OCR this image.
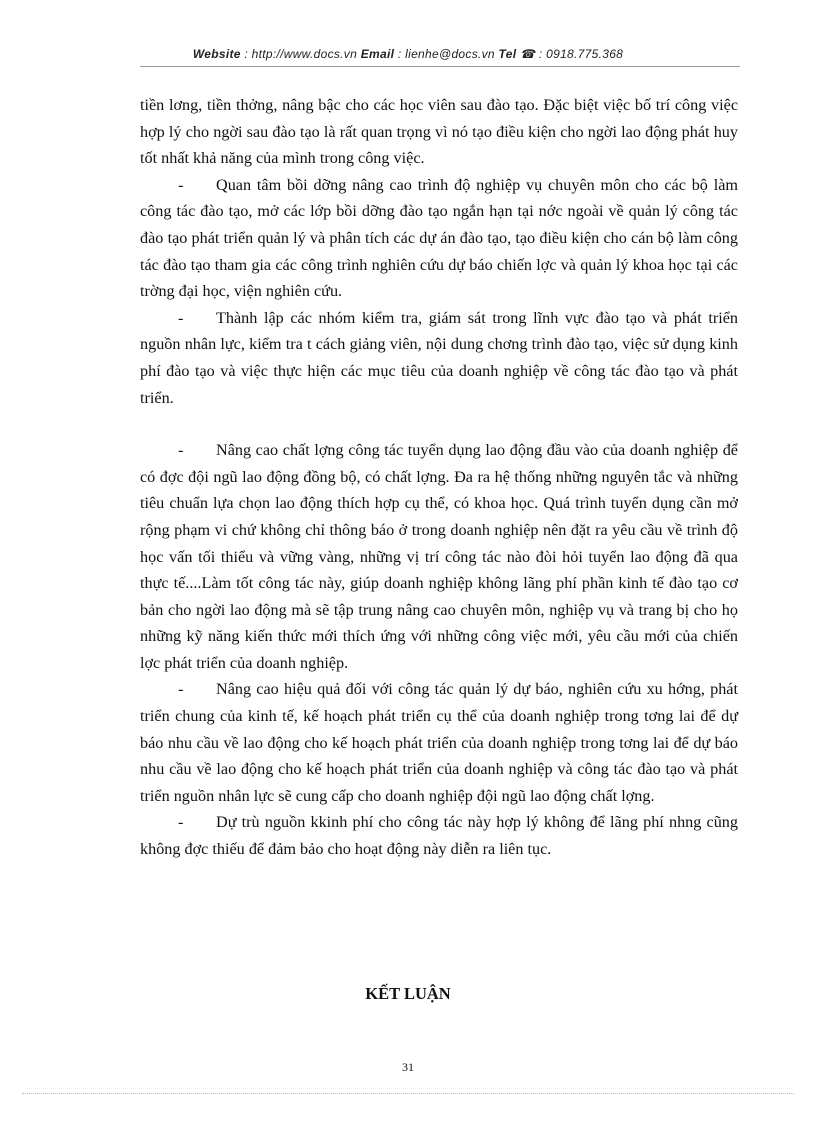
Website : http://www.docs.vn Email : lienhe@docs.vn Tel ☎ : 0918.775.368

tiền lơng, tiền thởng, nâng bậc cho các học viên sau đào tạo. Đặc biệt việc bố trí công việc hợp lý cho ngời sau đào tạo là rất quan trọng vì nó tạo điều kiện cho ngời lao động phát huy tốt nhất khả năng của mình trong công việc.

- Quan tâm bồi dỡng nâng cao trình độ nghiệp vụ chuyên môn cho các bộ làm công tác đào tạo, mở các lớp bồi dỡng đào tạo ngắn hạn tại nớc ngoài về quản lý công tác đào tạo phát triển quản lý và phân tích các dự án đào tạo, tạo điều kiện cho cán bộ làm công tác đào tạo tham gia các công trình nghiên cứu dự báo chiến lợc và quản lý khoa học tại các trờng đại học, viện nghiên cứu.

- Thành lập các nhóm kiểm tra, giám sát trong lĩnh vực đào tạo và phát triển nguồn nhân lực, kiểm tra t cách giảng viên, nội dung chơng trình đào tạo, việc sử dụng kinh phí đào tạo và việc thực hiện các mục tiêu của doanh nghiệp về công tác đào tạo và phát triển.

- Nâng cao chất lợng công tác tuyển dụng lao động đầu vào của doanh nghiệp để có đợc đội ngũ lao động đồng bộ, có chất lợng. Đa ra hệ thống những nguyên tắc và những tiêu chuẩn lựa chọn lao động thích hợp cụ thể, có khoa học. Quá trình tuyển dụng cần mở rộng phạm vi chứ không chỉ thông báo ở trong doanh nghiệp nên đặt ra yêu cầu về trình độ học vấn tối thiểu và vững vàng, những vị trí công tác nào đòi hỏi tuyển lao động đã qua thực tế....Làm tốt công tác này, giúp doanh nghiệp không lãng phí phần kinh tế đào tạo cơ bản cho ngời lao động mà sẽ tập trung nâng cao chuyên môn, nghiệp vụ và trang bị cho họ những kỹ năng kiến thức mới thích ứng với những công việc mới, yêu cầu mới của chiến lợc phát triển của doanh nghiệp.

- Nâng cao hiệu quả đối với công tác quản lý dự báo, nghiên cứu xu hớng, phát triển chung của kinh tế, kế hoạch phát triển cụ thể của doanh nghiệp trong tơng lai để dự báo nhu cầu về lao động cho kế hoạch phát triển của doanh nghiệp trong tơng lai để dự báo nhu cầu về lao động cho kế hoạch phát triển của doanh nghiệp và công tác đào tạo và phát triển nguồn nhân lực sẽ cung cấp cho doanh nghiệp đội ngũ lao động chất lợng.

- Dự trù nguồn kkinh phí cho công tác này hợp lý không để lãng phí nhng cũng không đợc thiếu để đảm bảo cho hoạt động này diễn ra liên tục.

KẾT LUẬN
31
